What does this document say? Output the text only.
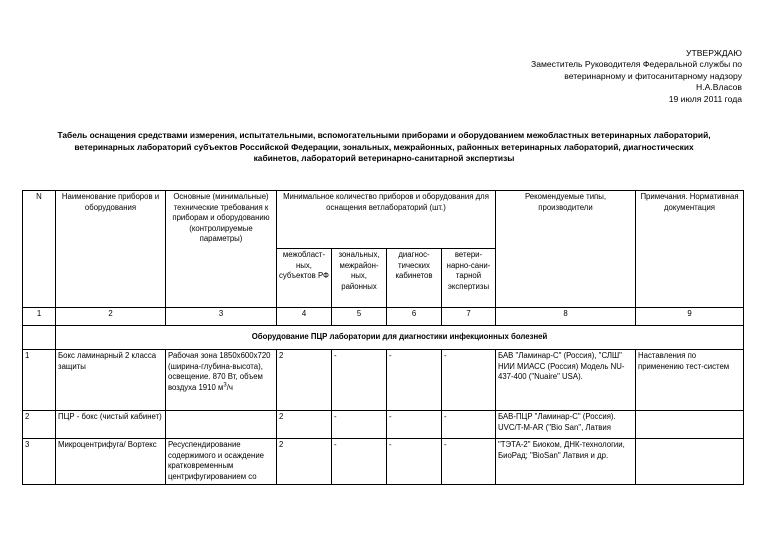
УТВЕРЖДАЮ
Заместитель Руководителя Федеральной службы по
ветеринарному и фитосанитарному надзору
Н.А.Власов
19 июля 2011 года
Табель оснащения средствами измерения, испытательными, вспомогательными приборами и оборудованием межобластных ветеринарных лабораторий,
ветеринарных лабораторий субъектов Российской Федерации, зональных, межрайонных, районных ветеринарных лабораторий, диагностических
кабинетов, лабораторий ветеринарно-санитарной экспертизы
N	Наименование приборов и оборудования	Основные (минимальные) технические требования к приборам и оборудованию (контролируемые параметры)	Минимальное количество приборов и оборудования для оснащения ветлабораторий (шт.)				Рекомендуемые типы, производители	Примечания. Нормативная документация
			межобласт-ных, субъектов РФ	зональных, межрайон-ных, районных	диагнос-тических кабинетов	ветери-нарно-сани-тарной экспертизы		
1	2	3	4	5	6	7	8	9
	Оборудование ПЦР лаборатории для диагностики инфекционных болезней							
1	Бокс ламинарный 2 класса защиты	Рабочая зона 1850х600х720 (ширина-глубина-высота), освещение. 870 Вт, объем воздуха 1910 $м^3/ч$	2	-	-	-	БАВ "Ламинар-С" (Россия), "СЛШ" НИИ МИАСС (Россия) Модель NU-437-400 ("Nuaire" USA).	Наставления по применению тест-систем
2	ПЦР - бокс (чистый кабинет)		2	-	-	-	БАВ-ПЦР "Ламинар-С" (Россия). UVC/T-M-AR ("Bio San", Латвия	
3	Микроцентрифуга/ Вортекс	Ресуспендирование содержимого и осаждение кратковременным центрифугированием со	2	-	-	-	"ТЭТА-2" Биоком, ДНК-технологии, БиоРад; "BioSan" Латвия и др.	
